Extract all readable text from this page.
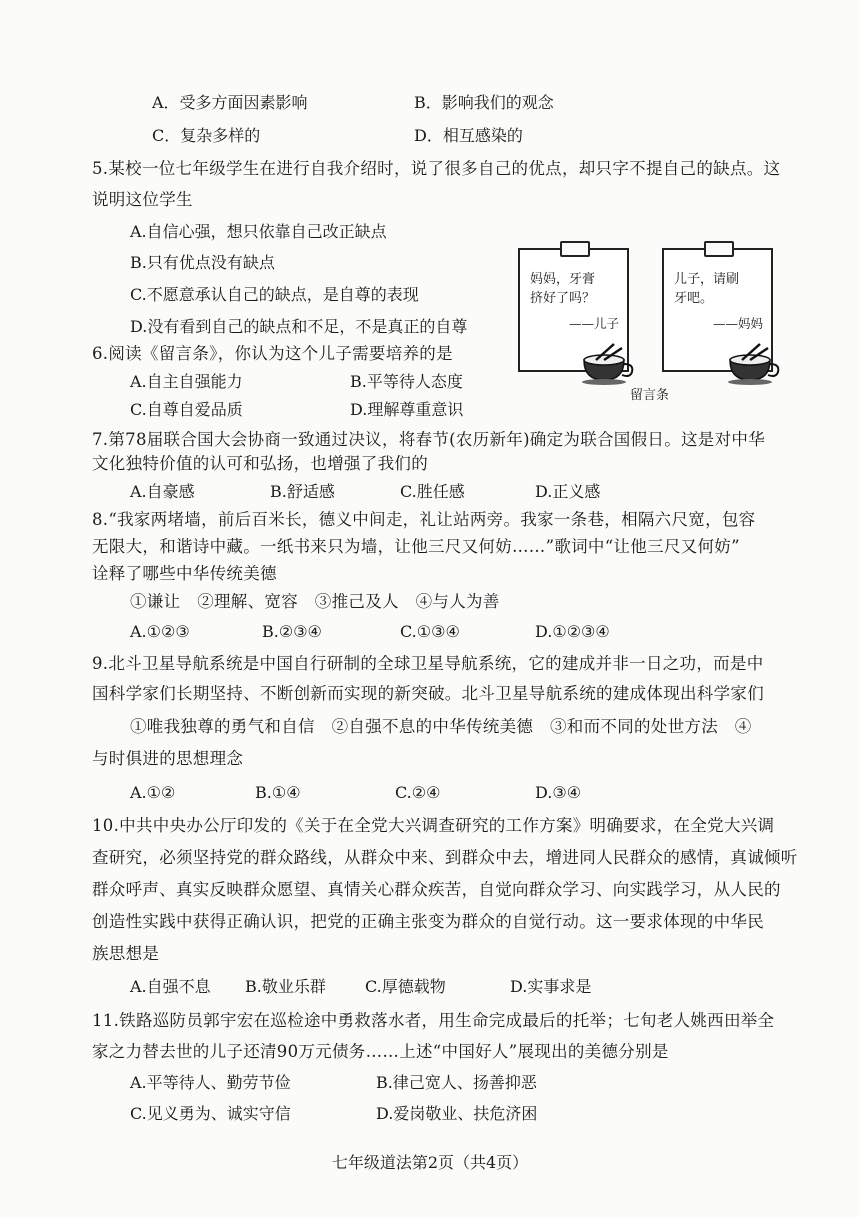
A．受多方面因素影响	B．影响我们的观念
C．复杂多样的	D．相互感染的
5.某校一位七年级学生在进行自我介绍时，说了很多自己的优点，却只字不提自己的缺点。这
说明这位学生
A.自信心强，想只依靠自己改正缺点
B.只有优点没有缺点
C.不愿意承认自己的缺点，是自尊的表现
D.没有看到自己的缺点和不足，不是真正的自尊
妈妈，牙膏
挤好了吗？
——儿子
儿子，请刷
牙吧。
——妈妈
留言条
6.阅读《留言条》，你认为这个儿子需要培养的是
A.自主自强能力	B.平等待人态度
C.自尊自爱品质	D.理解尊重意识
7.第78届联合国大会协商一致通过决议，将春节(农历新年)确定为联合国假日。这是对中华
文化独特价值的认可和弘扬，也增强了我们的
A.自豪感	B.舒适感	C.胜任感	D.正义感
8.“我家两堵墙，前后百米长，德义中间走，礼让站两旁。我家一条巷，相隔六尺宽，包容
无限大，和谐诗中藏。一纸书来只为墙，让他三尺又何妨……”歌词中“让他三尺又何妨”
诠释了哪些中华传统美德
①谦让　②理解、宽容　③推己及人　④与人为善
A.①②③	B.②③④	C.①③④	D.①②③④
9.北斗卫星导航系统是中国自行研制的全球卫星导航系统，它的建成并非一日之功，而是中
国科学家们长期坚持、不断创新而实现的新突破。北斗卫星导航系统的建成体现出科学家们
①唯我独尊的勇气和自信　②自强不息的中华传统美德　③和而不同的处世方法　④
与时俱进的思想理念
A.①②	B.①④	C.②④	D.③④
10.中共中央办公厅印发的《关于在全党大兴调查研究的工作方案》明确要求，在全党大兴调
查研究，必须坚持党的群众路线，从群众中来、到群众中去，增进同人民群众的感情，真诚倾听
群众呼声、真实反映群众愿望、真情关心群众疾苦，自觉向群众学习、向实践学习，从人民的
创造性实践中获得正确认识，把党的正确主张变为群众的自觉行动。这一要求体现的中华民
族思想是
A.自强不息 B.敬业乐群 C.厚德载物	D.实事求是
11.铁路巡防员郭宇宏在巡检途中勇救落水者，用生命完成最后的托举；七旬老人姚西田举全
家之力替去世的儿子还清90万元债务……上述“中国好人”展现出的美德分别是
A.平等待人、勤劳节俭	B.律己宽人、扬善抑恶
C.见义勇为、诚实守信	D.爱岗敬业、扶危济困
七年级道法第2页（共4页）
